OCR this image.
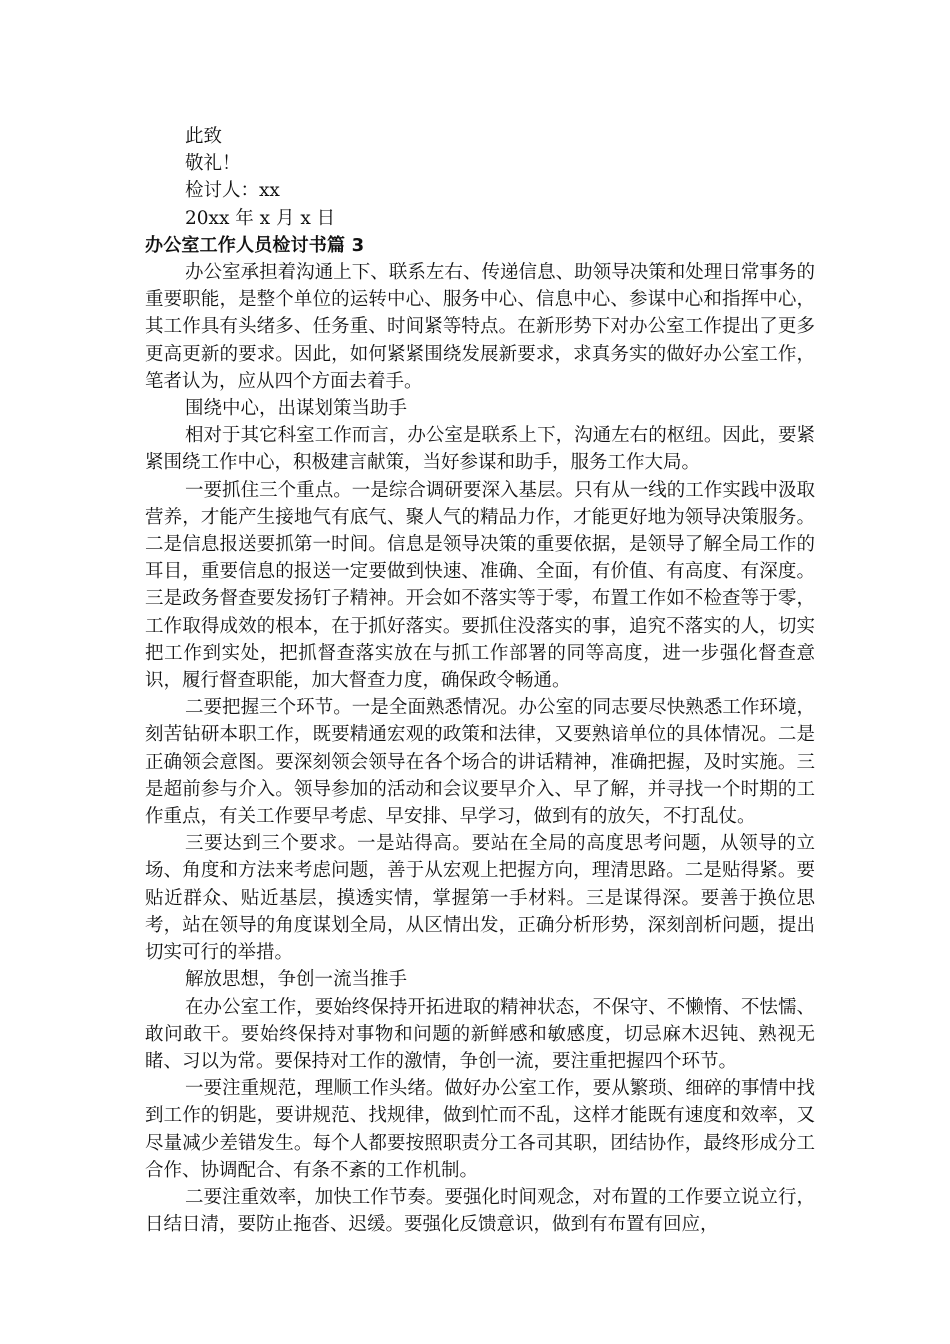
此致
敬礼！
检讨人：xx
20xx 年 x 月 x 日
办公室工作人员检讨书篇 3

办公室承担着沟通上下、联系左右、传递信息、助领导决策和处理日常事务的重要职能，是整个单位的运转中心、服务中心、信息中心、参谋中心和指挥中心，其工作具有头绪多、任务重、时间紧等特点。在新形势下对办公室工作提出了更多更高更新的要求。因此，如何紧紧围绕发展新要求，求真务实的做好办公室工作，笔者认为，应从四个方面去着手。

围绕中心，出谋划策当助手

相对于其它科室工作而言，办公室是联系上下，沟通左右的枢纽。因此，要紧紧围绕工作中心，积极建言献策，当好参谋和助手，服务工作大局。

一要抓住三个重点。一是综合调研要深入基层。只有从一线的工作实践中汲取营养，才能产生接地气有底气、聚人气的精品力作，才能更好地为领导决策服务。二是信息报送要抓第一时间。信息是领导决策的重要依据，是领导了解全局工作的耳目，重要信息的报送一定要做到快速、准确、全面，有价值、有高度、有深度。三是政务督查要发扬钉子精神。开会如不落实等于零，布置工作如不检查等于零，工作取得成效的根本，在于抓好落实。要抓住没落实的事，追究不落实的人，切实把工作到实处，把抓督查落实放在与抓工作部署的同等高度，进一步强化督查意识，履行督查职能，加大督查力度，确保政令畅通。

二要把握三个环节。一是全面熟悉情况。办公室的同志要尽快熟悉工作环境，刻苦钻研本职工作，既要精通宏观的政策和法律，又要熟谙单位的具体情况。二是正确领会意图。要深刻领会领导在各个场合的讲话精神，准确把握，及时实施。三是超前参与介入。领导参加的活动和会议要早介入、早了解，并寻找一个时期的工作重点，有关工作要早考虑、早安排、早学习，做到有的放矢，不打乱仗。

三要达到三个要求。一是站得高。要站在全局的高度思考问题，从领导的立场、角度和方法来考虑问题，善于从宏观上把握方向，理清思路。二是贴得紧。要贴近群众、贴近基层，摸透实情，掌握第一手材料。三是谋得深。要善于换位思考，站在领导的角度谋划全局，从区情出发，正确分析形势，深刻剖析问题，提出切实可行的举措。

解放思想，争创一流当推手

在办公室工作，要始终保持开拓进取的精神状态，不保守、不懒惰、不怯懦、敢问敢干。要始终保持对事物和问题的新鲜感和敏感度，切忌麻木迟钝、熟视无睹、习以为常。要保持对工作的激情，争创一流，要注重把握四个环节。

一要注重规范，理顺工作头绪。做好办公室工作，要从繁琐、细碎的事情中找到工作的钥匙，要讲规范、找规律，做到忙而不乱，这样才能既有速度和效率，又尽量减少差错发生。每个人都要按照职责分工各司其职，团结协作，最终形成分工合作、协调配合、有条不紊的工作机制。

二要注重效率，加快工作节奏。要强化时间观念，对布置的工作要立说立行，日结日清，要防止拖沓、迟缓。要强化反馈意识，做到有布置有回应，
